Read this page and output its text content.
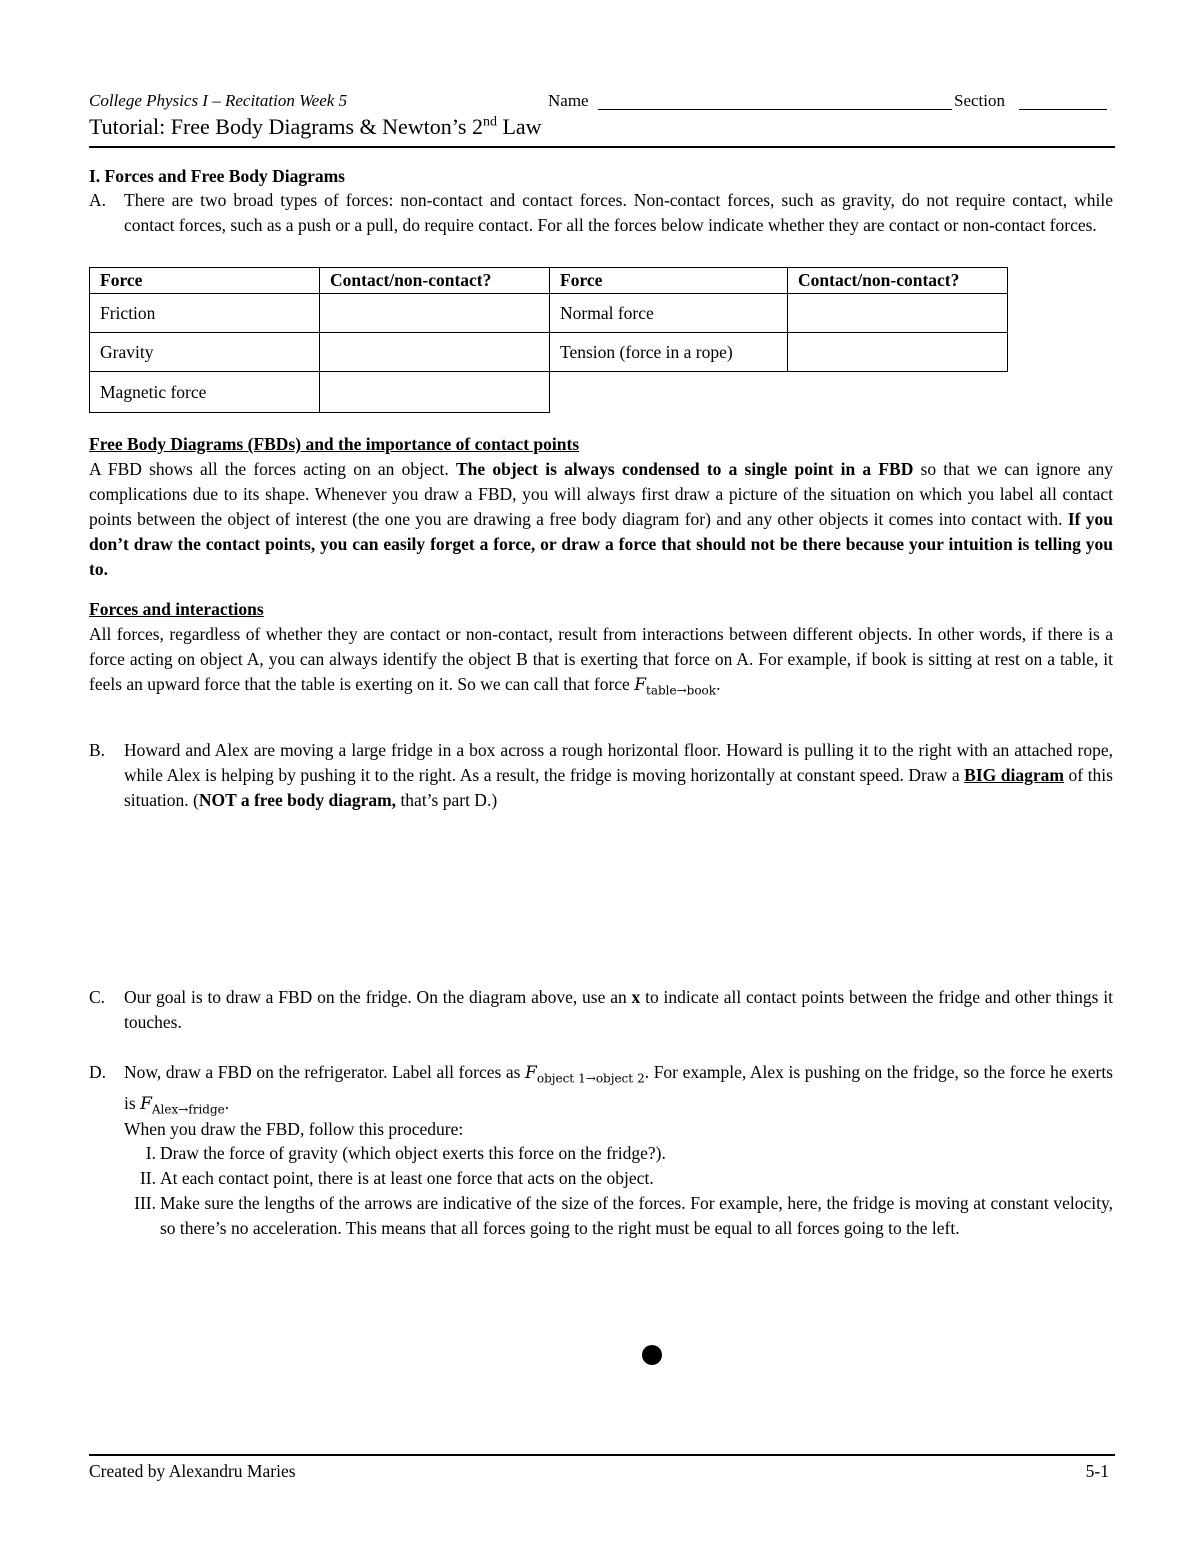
College Physics I – Recitation Week 5	Name	Section
Tutorial: Free Body Diagrams & Newton’s 2nd Law
I. Forces and Free Body Diagrams
A. There are two broad types of forces: non-contact and contact forces. Non-contact forces, such as gravity, do not require contact, while contact forces, such as a push or a pull, do require contact. For all the forces below indicate whether they are contact or non-contact forces.
Force	Contact/non-contact?	Force	Contact/non-contact?
Friction		Normal force	
Gravity		Tension (force in a rope)	
Magnetic force			
Free Body Diagrams (FBDs) and the importance of contact points
A FBD shows all the forces acting on an object. The object is always condensed to a single point in a FBD so that we can ignore any complications due to its shape. Whenever you draw a FBD, you will always first draw a picture of the situation on which you label all contact points between the object of interest (the one you are drawing a free body diagram for) and any other objects it comes into contact with. If you don’t draw the contact points, you can easily forget a force, or draw a force that should not be there because your intuition is telling you to.
Forces and interactions
All forces, regardless of whether they are contact or non-contact, result from interactions between different objects. In other words, if there is a force acting on object A, you can always identify the object B that is exerting that force on A. For example, if book is sitting at rest on a table, it feels an upward force that the table is exerting on it. So we can call that force $F_{table\to book}$.
B. Howard and Alex are moving a large fridge in a box across a rough horizontal floor. Howard is pulling it to the right with an attached rope, while Alex is helping by pushing it to the right. As a result, the fridge is moving horizontally at constant speed. Draw a BIG diagram of this situation. (NOT a free body diagram, that’s part D.)
C. Our goal is to draw a FBD on the fridge. On the diagram above, use an x to indicate all contact points between the fridge and other things it touches.
D. Now, draw a FBD on the refrigerator. Label all forces as $F_{object 1\to object 2}$. For example, Alex is pushing on the fridge, so the force he exerts is $F_{Alex\to fridge}$.
When you draw the FBD, follow this procedure:
I. Draw the force of gravity (which object exerts this force on the fridge?).
II. At each contact point, there is at least one force that acts on the object.
III. Make sure the lengths of the arrows are indicative of the size of the forces. For example, here, the fridge is moving at constant velocity, so there’s no acceleration. This means that all forces going to the right must be equal to all forces going to the left.
Created by Alexandru Maries	5-1
